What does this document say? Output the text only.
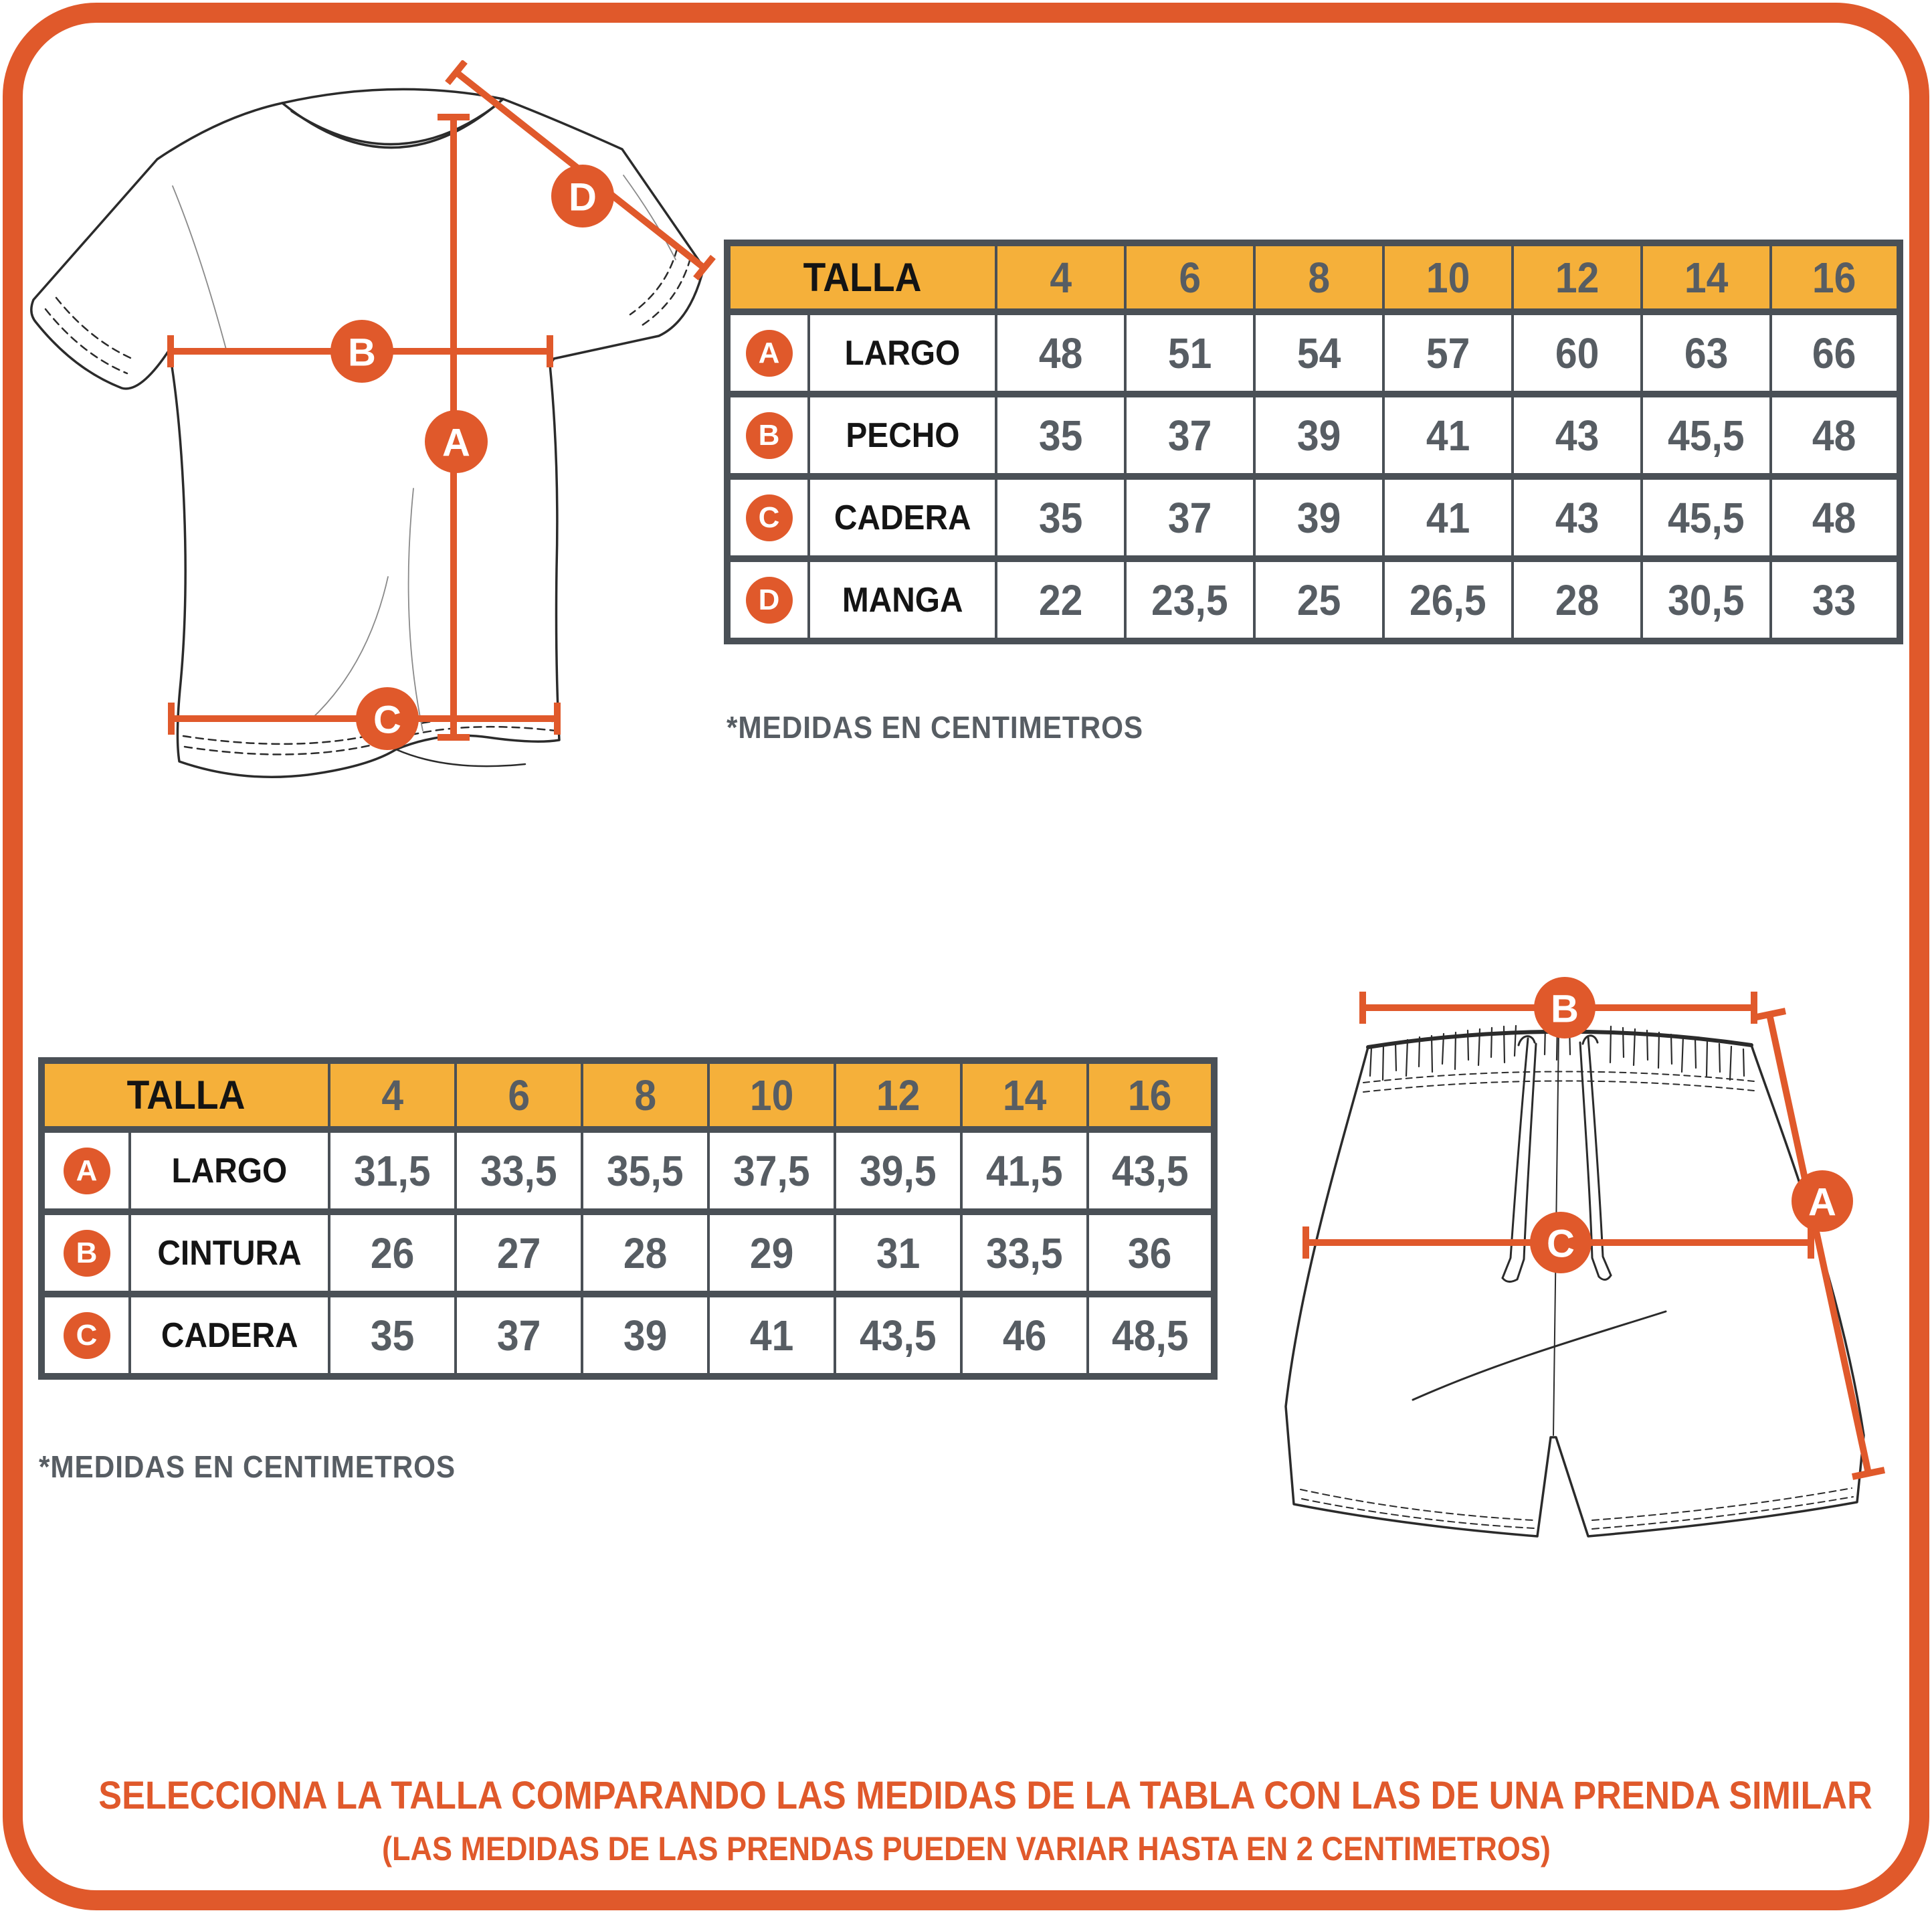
A
B
C
D
TALLA		4	6	8	10	12	14	16
A	LARGO	48	51	54	57	60	63	66
B	PECHO	35	37	39	41	43	45,5	48
C	CADERA	35	37	39	41	43	45,5	48
D	MANGA	22	23,5	25	26,5	28	30,5	33
*MEDIDAS EN CENTIMETROS
TALLA		4	6	8	10	12	14	16
A	LARGO	31,5	33,5	35,5	37,5	39,5	41,5	43,5
B	CINTURA	26	27	28	29	31	33,5	36
C	CADERA	35	37	39	41	43,5	46	48,5
*MEDIDAS EN CENTIMETROS
B
C
A
SELECCIONA LA TALLA COMPARANDO LAS MEDIDAS DE LA TABLA CON LAS DE UNA PRENDA SIMILAR
(LAS MEDIDAS DE LAS PRENDAS PUEDEN VARIAR HASTA EN 2 CENTIMETROS)
